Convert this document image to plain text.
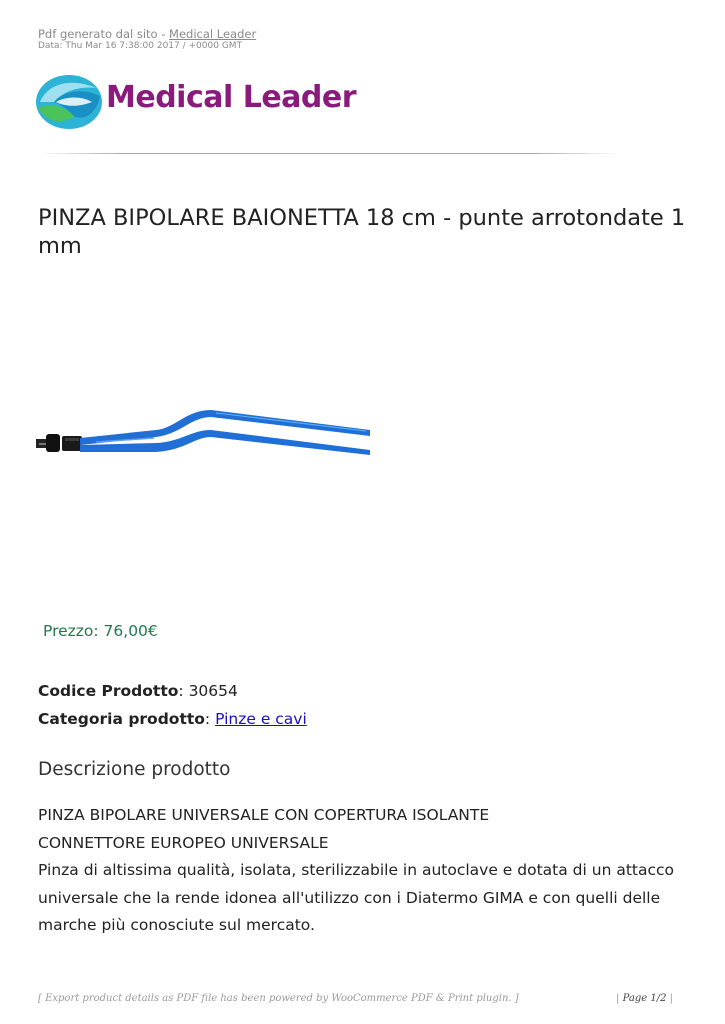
Pdf generato dal sito - Medical Leader
Data: Thu Mar 16 7:38:00 2017 / +0000 GMT
Medical Leader
PINZA BIPOLARE BAIONETTA 18 cm - punte arrotondate 1 mm
Prezzo: 76,00€
Codice Prodotto: 30654
Categoria prodotto: Pinze e cavi
Descrizione prodotto

PINZA BIPOLARE UNIVERSALE CON COPERTURA ISOLANTE

CONNETTORE EUROPEO UNIVERSALE

Pinza di altissima qualità, isolata, sterilizzabile in autoclave e dotata di un attacco universale che la rende idonea all'utilizzo con i Diatermo GIMA e con quelli delle marche più conosciute sul mercato.

[ Export product details as PDF file has been powered by WooCommerce PDF & Print plugin. ]	| Page 1/2 |
